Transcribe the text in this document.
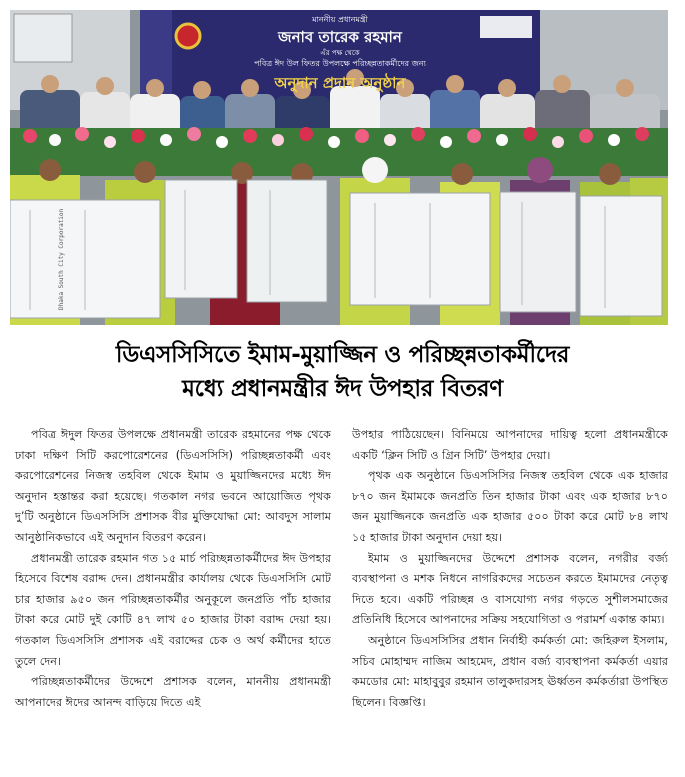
মাননীয় প্রধানমন্ত্রী
জনাব তারেক রহমান
এঁর পক্ষ থেকে
পবিত্র ঈদ উল ফিতর উপলক্ষে পরিচ্ছন্নতাকর্মীদের জন্য
অনুদান প্রদান অনুষ্ঠান
Dhaka South City Corporation
ডিএসসিসিতে ইমাম-মুয়াজ্জিন ও পরিচ্ছন্নতাকর্মীদের
মধ্যে প্রধানমন্ত্রীর ঈদ উপহার বিতরণ

পবিত্র ঈদুল ফিতর উপলক্ষে প্রধানমন্ত্রী তারেক রহমানের পক্ষ থেকে ঢাকা দক্ষিণ সিটি করপোরেশনের (ডিএসসিসি) পরিচ্ছন্নতাকর্মী এবং করপোরেশনের নিজস্ব তহবিল থেকে ইমাম ও মুয়াজ্জিনদের মধ্যে ঈদ অনুদান হস্তান্তর করা হয়েছে। গতকাল নগর ভবনে আয়োজিত পৃথক দু’টি অনুষ্ঠানে ডিএসসিসি প্রশাসক বীর মুক্তিযোদ্ধা মো: আবদুস সালাম আনুষ্ঠানিকভাবে এই অনুদান বিতরণ করেন।

প্রধানমন্ত্রী তারেক রহমান গত ১৫ মার্চ পরিচ্ছন্নতাকর্মীদের ঈদ উপহার হিসেবে বিশেষ বরাদ্দ দেন। প্রধানমন্ত্রীর কার্যালয় থেকে ডিএসসিসি মোট চার হাজার ৯৫০ জন পরিচ্ছন্নতাকর্মীর অনুকূলে জনপ্রতি পাঁচ হাজার টাকা করে মোট দুই কোটি ৪৭ লাখ ৫০ হাজার টাকা বরাদ্দ দেয়া হয়। গতকাল ডিএসসিসি প্রশাসক এই বরাদ্দের চেক ও অর্থ কর্মীদের হাতে তুলে দেন।

পরিচ্ছন্নতাকর্মীদের উদ্দেশে প্রশাসক বলেন, মাননীয় প্রধানমন্ত্রী আপনাদের ঈদের আনন্দ বাড়িয়ে দিতে এই

উপহার পাঠিয়েছেন। বিনিময়ে আপনাদের দায়িত্ব হলো প্রধানমন্ত্রীকে একটি ‘ক্লিন সিটি ও গ্রিন সিটি’ উপহার দেয়া।

পৃথক এক অনুষ্ঠানে ডিএসসিসির নিজস্ব তহবিল থেকে এক হাজার ৮৭০ জন ইমামকে জনপ্রতি তিন হাজার টাকা এবং এক হাজার ৮৭০ জন মুয়াজ্জিনকে জনপ্রতি এক হাজার ৫০০ টাকা করে মোট ৮৪ লাখ ১৫ হাজার টাকা অনুদান দেয়া হয়।

ইমাম ও মুয়াজ্জিনদের উদ্দেশে প্রশাসক বলেন, নগরীর বর্জ্য ব্যবস্থাপনা ও মশক নিধনে নাগরিকদের সচেতন করতে ইমামদের নেতৃত্ব দিতে হবে। একটি পরিচ্ছন্ন ও বাসযোগ্য নগর গড়তে সুশীলসমাজের প্রতিনিধি হিসেবে আপনাদের সক্রিয় সহযোগিতা ও পরামর্শ একান্ত কাম্য।

অনুষ্ঠানে ডিএসসিসির প্রধান নির্বাহী কর্মকর্তা মো: জহিরুল ইসলাম, সচিব মোহাম্মদ নাজিম আহমেদ, প্রধান বর্জ্য ব্যবস্থাপনা কর্মকর্তা এয়ার কমডোর মো: মাহাবুবুর রহমান তালুকদারসহ ঊর্ধ্বতন কর্মকর্তারা উপস্থিত ছিলেন। বিজ্ঞপ্তি।
